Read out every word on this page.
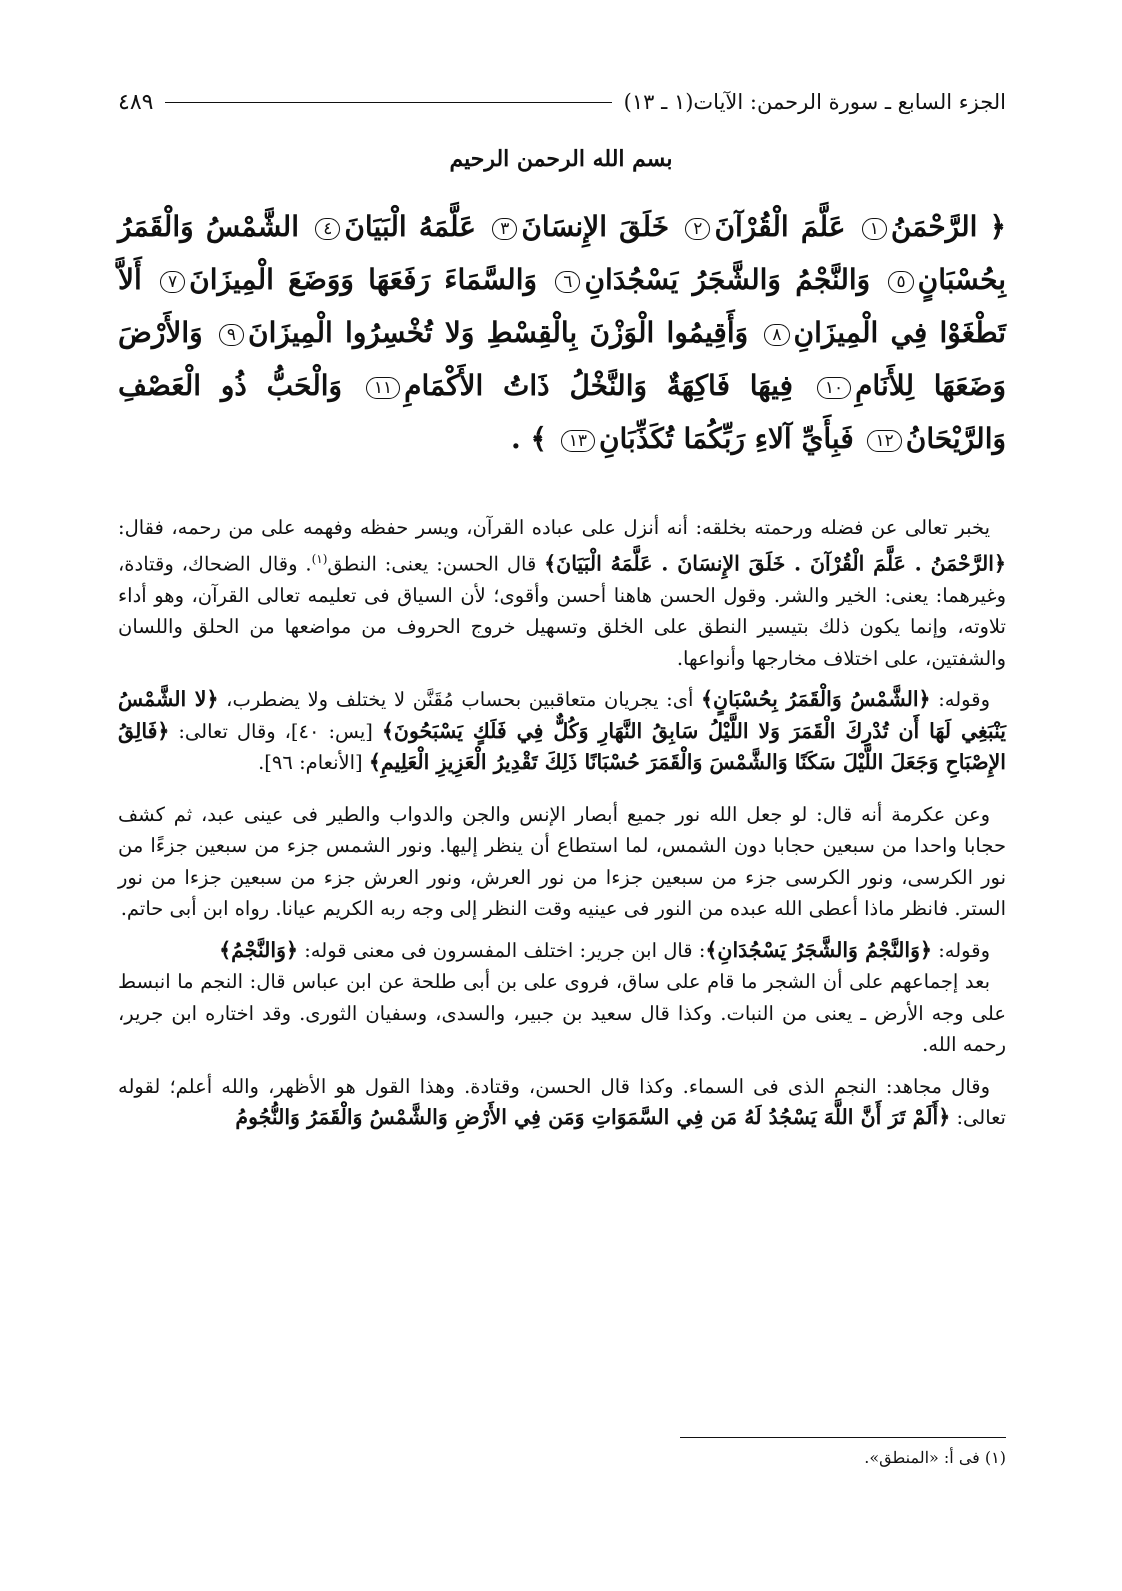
الجزء السابع ـ سورة الرحمن: الآيات(١ ـ ١٣)
٤٨٩
بسم الله الرحمن الرحيم
﴿ الرَّحْمَنُ١ عَلَّمَ الْقُرْآنَ٢ خَلَقَ الإِنسَانَ٣ عَلَّمَهُ الْبَيَانَ٤ الشَّمْسُ وَالْقَمَرُ بِحُسْبَانٍ٥ وَالنَّجْمُ وَالشَّجَرُ يَسْجُدَانِ٦ وَالسَّمَاءَ رَفَعَهَا وَوَضَعَ الْمِيزَانَ٧ أَلاَّ تَطْغَوْا فِي الْمِيزَانِ٨ وَأَقِيمُوا الْوَزْنَ بِالْقِسْطِ وَلا تُخْسِرُوا الْمِيزَانَ٩ وَالأَرْضَ وَضَعَهَا لِلأَنَامِ١٠ فِيهَا فَاكِهَةٌ وَالنَّخْلُ ذَاتُ الأَكْمَامِ١١ وَالْحَبُّ ذُو الْعَصْفِ وَالرَّيْحَانُ١٢ فَبِأَيِّ آلاءِ رَبِّكُمَا تُكَذِّبَانِ١٣ ﴾ .

يخبر تعالى عن فضله ورحمته بخلقه: أنه أنزل على عباده القرآن، ويسر حفظه وفهمه على من رحمه، فقال: ﴿الرَّحْمَنُ . عَلَّمَ الْقُرْآنَ . خَلَقَ الإِنسَانَ . عَلَّمَهُ الْبَيَانَ﴾ قال الحسن: يعنى: النطق$^{(١)}$. وقال الضحاك، وقتادة، وغيرهما: يعنى: الخير والشر. وقول الحسن هاهنا أحسن وأقوى؛ لأن السياق فى تعليمه تعالى القرآن، وهو أداء تلاوته، وإنما يكون ذلك بتيسير النطق على الخلق وتسهيل خروج الحروف من مواضعها من الحلق واللسان والشفتين، على اختلاف مخارجها وأنواعها.

وقوله: ﴿الشَّمْسُ وَالْقَمَرُ بِحُسْبَانٍ﴾ أى: يجريان متعاقبين بحساب مُقَنَّن لا يختلف ولا يضطرب، ﴿لا الشَّمْسُ يَنْبَغِي لَهَا أَن تُدْرِكَ الْقَمَرَ وَلا اللَّيْلُ سَابِقُ النَّهَارِ وَكُلٌّ فِي فَلَكٍ يَسْبَحُونَ﴾ [يس: ٤٠]، وقال تعالى: ﴿فَالِقُ الإِصْبَاحِ وَجَعَلَ اللَّيْلَ سَكَنًا وَالشَّمْسَ وَالْقَمَرَ حُسْبَانًا ذَلِكَ تَقْدِيرُ الْعَزِيزِ الْعَلِيمِ﴾ [الأنعام: ٩٦].

وعن عكرمة أنه قال: لو جعل الله نور جميع أبصار الإنس والجن والدواب والطير فى عينى عبد، ثم كشف حجابا واحدا من سبعين حجابا دون الشمس، لما استطاع أن ينظر إليها. ونور الشمس جزء من سبعين جزءًا من نور الكرسى، ونور الكرسى جزء من سبعين جزءا من نور العرش، ونور العرش جزء من سبعين جزءا من نور الستر. فانظر ماذا أعطى الله عبده من النور فى عينيه وقت النظر إلى وجه ربه الكريم عيانا. رواه ابن أبى حاتم.

وقوله: ﴿وَالنَّجْمُ وَالشَّجَرُ يَسْجُدَانِ﴾: قال ابن جرير: اختلف المفسرون فى معنى قوله: ﴿وَالنَّجْمُ﴾

بعد إجماعهم على أن الشجر ما قام على ساق، فروى على بن أبى طلحة عن ابن عباس قال: النجم ما انبسط على وجه الأرض ـ يعنى من النبات. وكذا قال سعيد بن جبير، والسدى، وسفيان الثورى. وقد اختاره ابن جرير، رحمه الله.

وقال مجاهد: النجم الذى فى السماء. وكذا قال الحسن، وقتادة. وهذا القول هو الأظهر، والله أعلم؛ لقوله تعالى: ﴿أَلَمْ تَرَ أَنَّ اللَّهَ يَسْجُدُ لَهُ مَن فِي السَّمَوَاتِ وَمَن فِي الأَرْضِ وَالشَّمْسُ وَالْقَمَرُ وَالنُّجُومُ

(١) فى أ: «المنطق».
